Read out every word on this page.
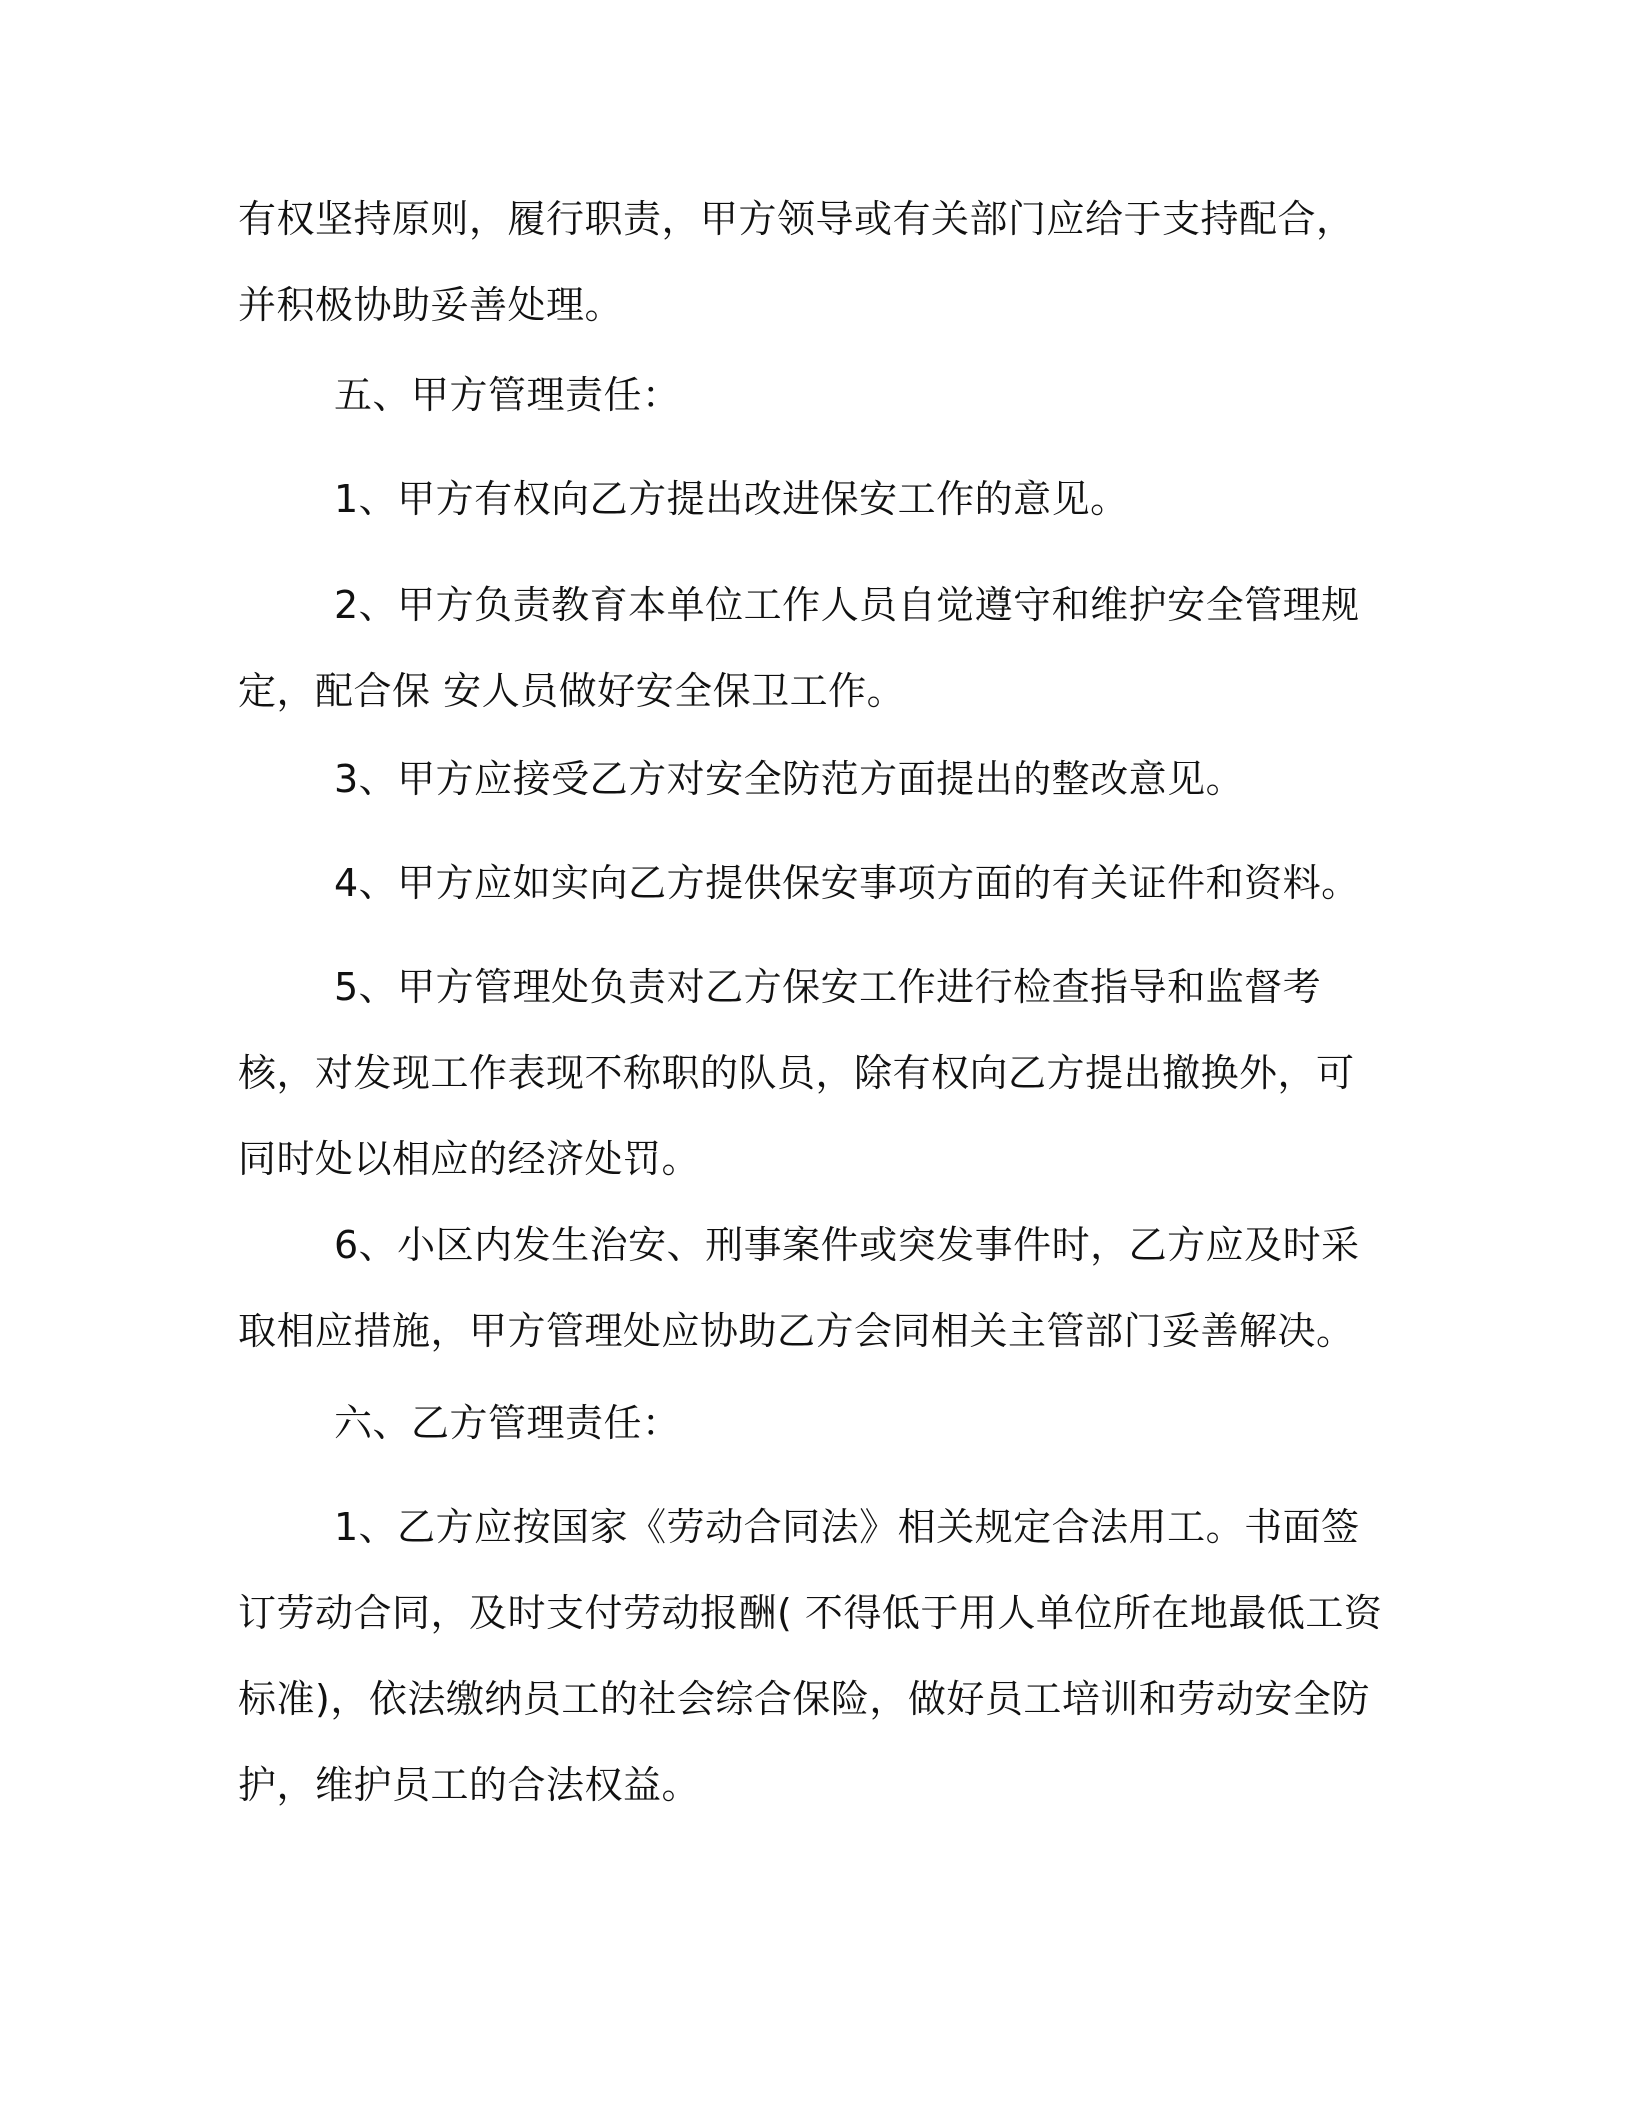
有权坚持原则，履行职责，甲方领导或有关部门应给于支持配合，并积极协助妥善处理。

五、甲方管理责任：

1、甲方有权向乙方提出改进保安工作的意见。

2、甲方负责教育本单位工作人员自觉遵守和维护安全管理规定，配合保 安人员做好安全保卫工作。

3、甲方应接受乙方对安全防范方面提出的整改意见。

4、甲方应如实向乙方提供保安事项方面的有关证件和资料。

5、甲方管理处负责对乙方保安工作进行检查指导和监督考核，对发现工作表现不称职的队员，除有权向乙方提出撤换外，可同时处以相应的经济处罚。

6、小区内发生治安、刑事案件或突发事件时，乙方应及时采取相应措施，甲方管理处应协助乙方会同相关主管部门妥善解决。

六、乙方管理责任：

1、乙方应按国家《劳动合同法》相关规定合法用工。书面签订劳动合同，及时支付劳动报酬( 不得低于用人单位所在地最低工资标准)，依法缴纳员工的社会综合保险，做好员工培训和劳动安全防护，维护员工的合法权益。
